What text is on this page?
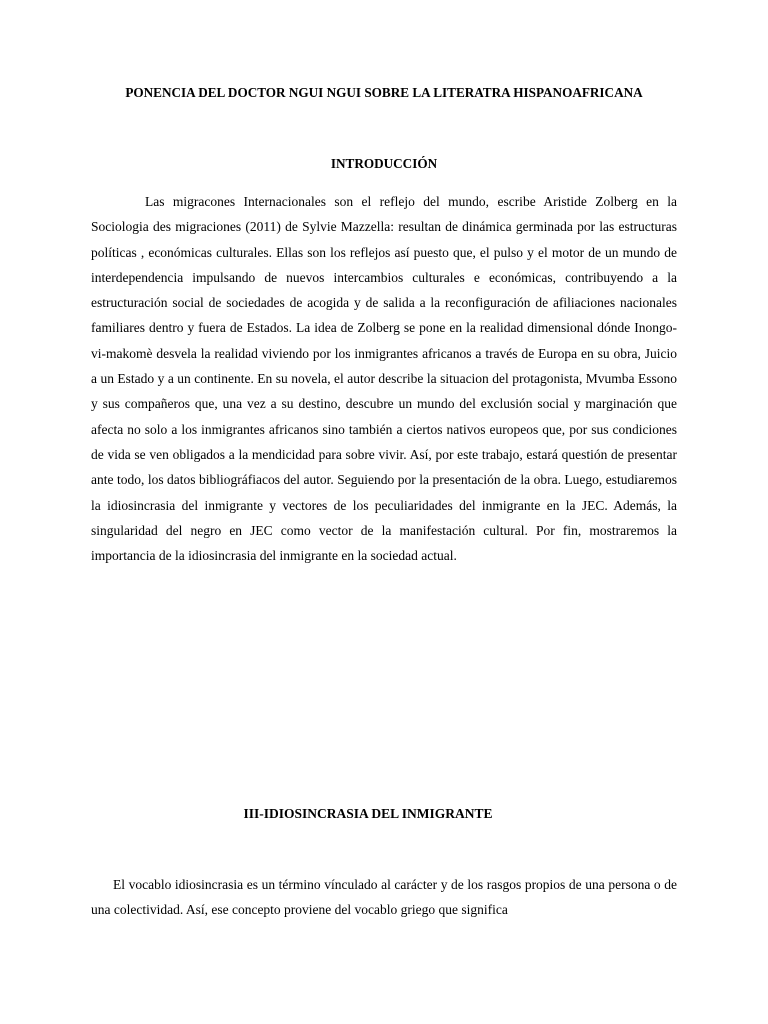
PONENCIA DEL DOCTOR NGUI NGUI SOBRE LA LITERATRA HISPANOAFRICANA
INTRODUCCIÓN

Las migracones Internacionales son el reflejo del mundo, escribe Aristide Zolberg en la Sociologia des migraciones (2011) de Sylvie Mazzella: resultan de dinámica germinada por las estructuras políticas , económicas culturales. Ellas son los reflejos así puesto que, el pulso y el motor de un mundo de interdependencia impulsando de nuevos intercambios culturales e económicas, contribuyendo a la estructuración social de sociedades de acogida y de salida a la reconfiguración de afiliaciones nacionales familiares dentro y fuera de Estados. La idea de Zolberg se pone en la realidad dimensional dónde Inongo-vi-makomè desvela la realidad viviendo por los inmigrantes africanos a través de Europa en su obra, Juicio a un Estado y a un continente. En su novela, el autor describe la situacion del protagonista, Mvumba Essono y sus compañeros que, una vez a su destino, descubre un mundo del exclusión social y marginación que afecta no solo a los inmigrantes africanos sino también a ciertos nativos europeos que, por sus condiciones de vida se ven obligados a la mendicidad para sobre vivir. Así, por este trabajo, estará questión de presentar ante todo, los datos bibliográfiacos del autor. Seguiendo por la presentación de la obra. Luego, estudiaremos la idiosincrasia del inmigrante y vectores de los peculiaridades del inmigrante en la JEC. Además, la singularidad del negro en JEC como vector de la manifestación cultural. Por fin, mostraremos la importancia de la idiosincrasia del inmigrante en la sociedad actual.

III-IDIOSINCRASIA DEL INMIGRANTE

El vocablo idiosincrasia es un término vínculado al carácter y de los rasgos propios de una persona o de una colectividad. Así, ese concepto proviene del vocablo griego que significa
